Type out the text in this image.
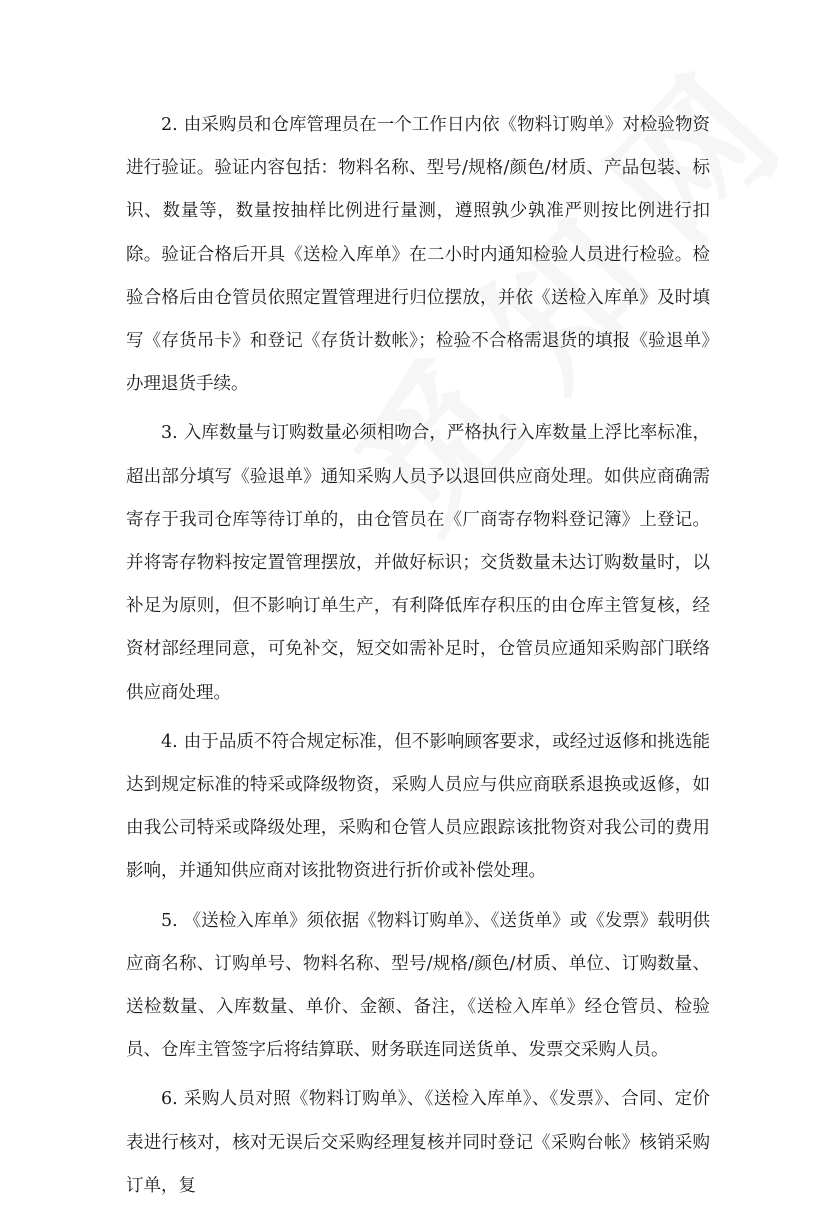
2. 由采购员和仓库管理员在一个工作日内依《物料订购单》对检验物资进行验证。验证内容包括：物料名称、型号/规格/颜色/材质、产品包装、标识、数量等，数量按抽样比例进行量测，遵照孰少孰准严则按比例进行扣除。验证合格后开具《送检入库单》在二小时内通知检验人员进行检验。检验合格后由仓管员依照定置管理进行归位摆放，并依《送检入库单》及时填写《存货吊卡》和登记《存货计数帐》；检验不合格需退货的填报《验退单》办理退货手续。

3. 入库数量与订购数量必须相吻合，严格执行入库数量上浮比率标准，超出部分填写《验退单》通知采购人员予以退回供应商处理。如供应商确需寄存于我司仓库等待订单的，由仓管员在《厂商寄存物料登记簿》上登记。并将寄存物料按定置管理摆放，并做好标识；交货数量未达订购数量时，以补足为原则，但不影响订单生产，有利降低库存积压的由仓库主管复核，经资材部经理同意，可免补交，短交如需补足时，仓管员应通知采购部门联络供应商处理。

4. 由于品质不符合规定标准，但不影响顾客要求，或经过返修和挑选能达到规定标准的特采或降级物资，采购人员应与供应商联系退换或返修，如由我公司特采或降级处理，采购和仓管人员应跟踪该批物资对我公司的费用影响，并通知供应商对该批物资进行折价或补偿处理。

5. 《送检入库单》须依据《物料订购单》、《送货单》或《发票》载明供应商名称、订购单号、物料名称、型号/规格/颜色/材质、单位、订购数量、送检数量、入库数量、单价、金额、备注，《送检入库单》经仓管员、检验员、仓库主管签字后将结算联、财务联连同送货单、发票交采购人员。

6. 采购人员对照《物料订购单》、《送检入库单》、《发票》、合同、定价表进行核对，核对无误后交采购经理复核并同时登记《采购台帐》核销采购订单，复
